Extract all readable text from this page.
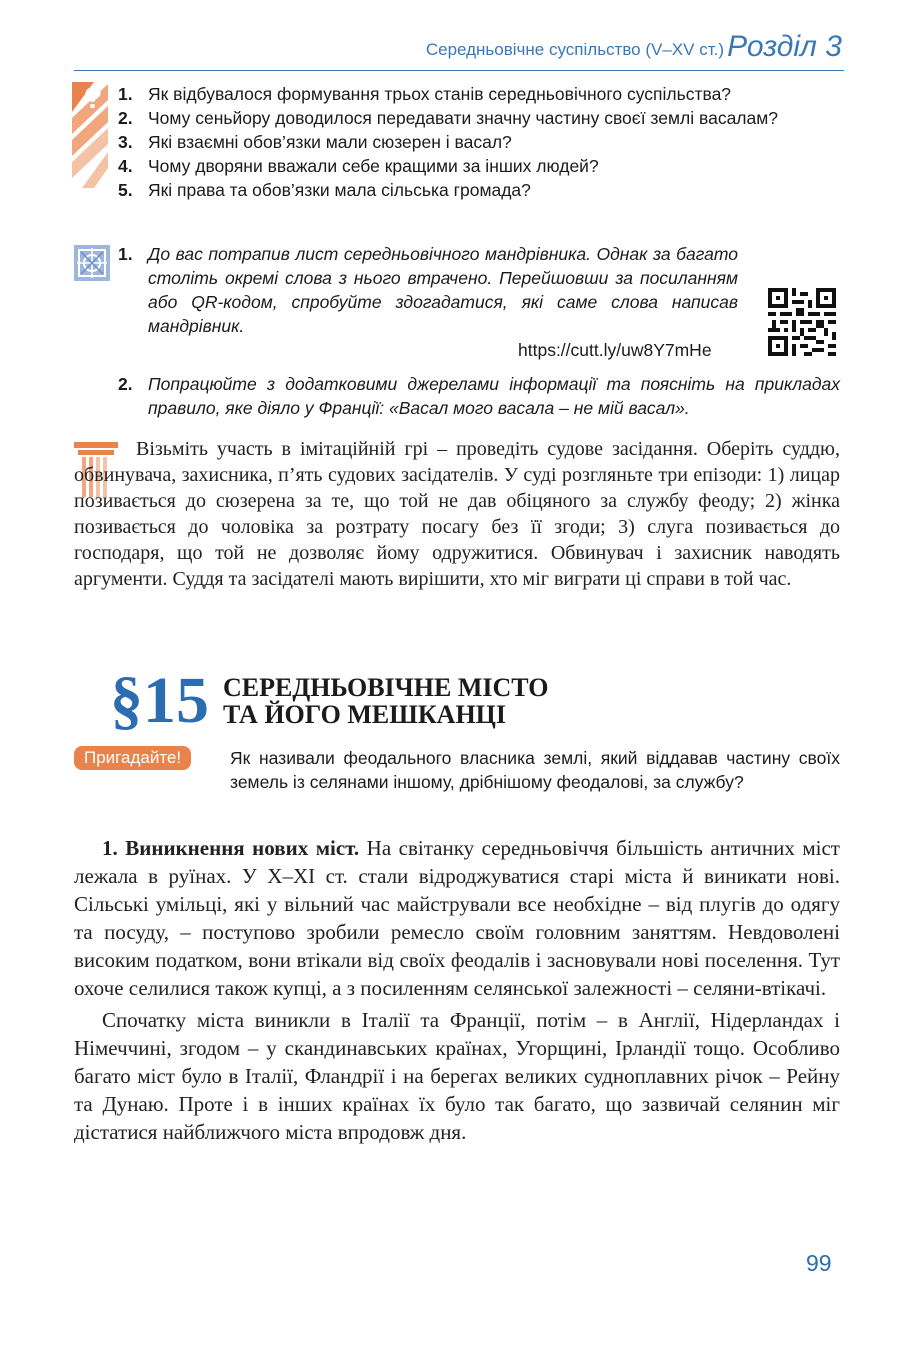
Середньовічне суспільство (V–XV ст.) Розділ 3
? 1. Як відбувалося формування трьох станів середньовічного суспільства?
2. Чому сеньйору доводилося передавати значну частину своєї землі васалам?
3. Які взаємні обов’язки мали сюзерен і васал?
4. Чому дворяни вважали себе кращими за інших людей?
5. Які права та обов’язки мала сільська громада?
1. До вас потрапив лист середньовічного мандрівника. Однак за багато століть окремі слова з нього втрачено. Перейшовши за посиланням або QR-кодом, спробуйте здогадатися, які саме слова написав мандрівник.
https://cutt.ly/uw8Y7mHe
2. Попрацюйте з додатковими джерелами інформації та поясніть на прикладах правило, яке діяло у Франції: «Васал мого васала – не мій васал».

Візьміть участь в імітаційній грі – проведіть судове засідання. Оберіть суддю, обвинувача, захисника, п’ять судових засідателів. У суді розгляньте три епізоди: 1) лицар позивається до сюзерена за те, що той не дав обіцяного за службу феоду; 2) жінка позивається до чоловіка за розтрату посагу без її згоди; 3) слуга позивається до господаря, що той не дозволяє йому одружитися. Обвинувач і захисник наводять аргументи. Суддя та засідателі мають вирішити, хто міг виграти ці справи в той час.

§15 СЕРЕДНЬОВІЧНЕ МІСТО
ТА ЙОГО МЕШКАНЦІ
Пригадайте!	Як називали феодального власника землі, який віддавав частину своїх земель із селянами іншому, дрібнішому феодалові, за службу?

1. Виникнення нових міст. На світанку середньовіччя більшість античних міст лежала в руїнах. У X–XI ст. стали відроджуватися старі міста й виникати нові. Сільські умільці, які у вільний час майстрували все необхідне – від плугів до одягу та посуду, – поступово зробили ремесло своїм головним заняттям. Невдоволені високим податком, вони втікали від своїх феодалів і засновували нові поселення. Тут охоче селилися також купці, а з посиленням селянської залежності – селяни-втікачі.

Спочатку міста виникли в Італії та Франції, потім – в Англії, Нідерландах і Німеччині, згодом – у скандинавських країнах, Угорщині, Ірландії тощо. Особливо багато міст було в Італії, Фландрії і на берегах великих судноплавних річок – Рейну та Дунаю. Проте і в інших країнах їх було так багато, що зазвичай селянин міг дістатися найближчого міста впродовж дня.

99
